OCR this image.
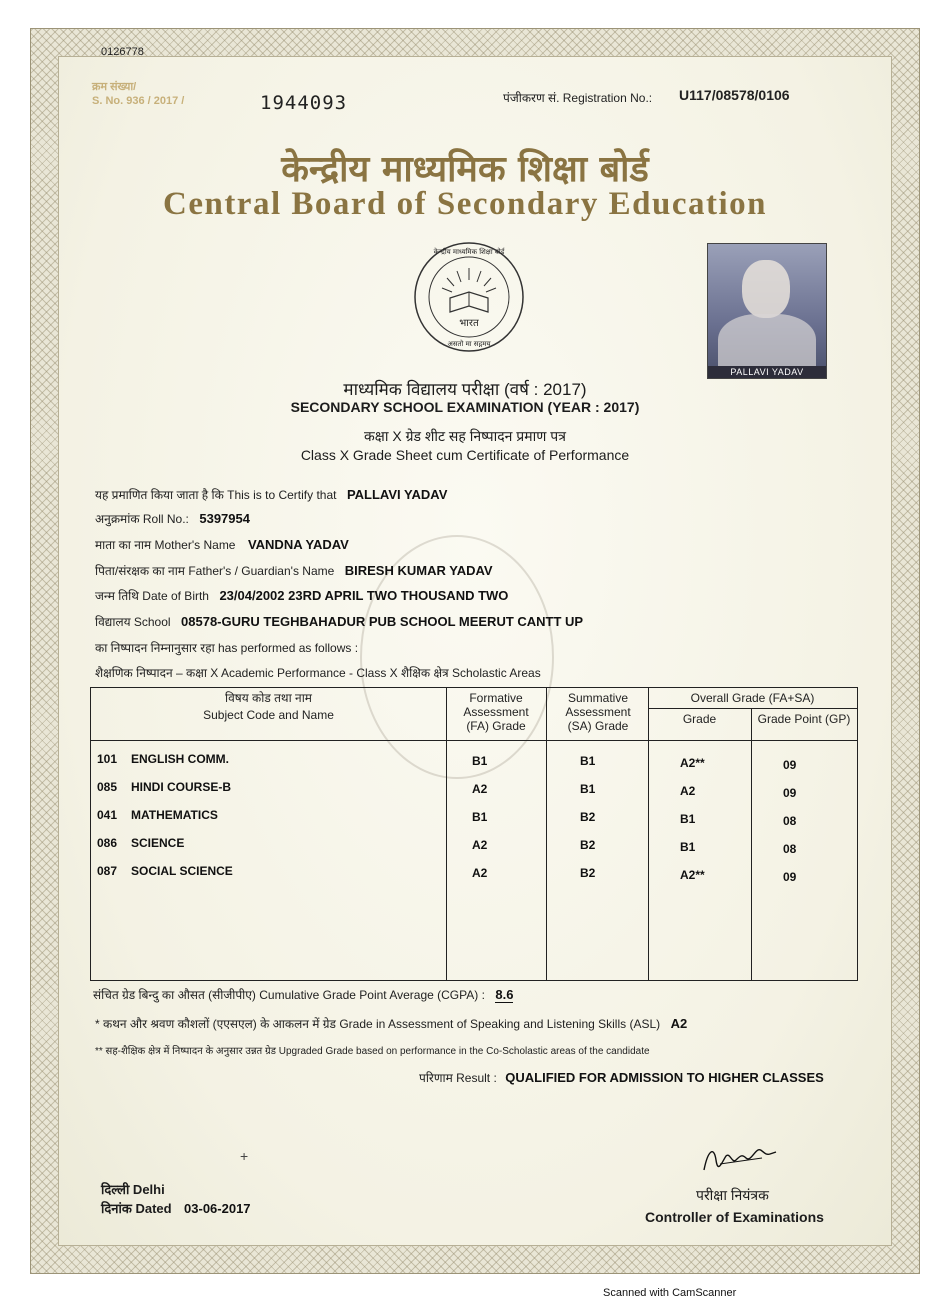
0126778
क्रम संख्या/
S. No. 936 / 2017 /	1944093	पंजीकरण सं. Registration No.: U117/08578/0106
केन्द्रीय माध्यमिक शिक्षा बोर्ड
Central Board of Secondary Education
भारत
केन्द्रीय माध्यमिक शिक्षा बोर्ड
असतो मा सद्गमय
PALLAVI YADAV
माध्यमिक विद्यालय परीक्षा (वर्ष : 2017)
SECONDARY SCHOOL EXAMINATION (YEAR : 2017)
कक्षा X ग्रेड शीट सह निष्पादन प्रमाण पत्र
Class X Grade Sheet cum Certificate of Performance
यह प्रमाणित किया जाता है कि This is to Certify that PALLAVI YADAV
अनुक्रमांक Roll No.: 5397954
माता का नाम Mother's Name VANDNA YADAV
पिता/संरक्षक का नाम Father's / Guardian's Name BIRESH KUMAR YADAV
जन्म तिथि Date of Birth 23/04/2002 23RD APRIL TWO THOUSAND TWO
विद्यालय School 08578-GURU TEGHBAHADUR PUB SCHOOL MEERUT CANTT UP
का निष्पादन निम्नानुसार रहा has performed as follows :
शैक्षणिक निष्पादन – कक्षा X Academic Performance - Class X शैक्षिक क्षेत्र Scholastic Areas
विषय कोड तथा नाम
Subject Code and Name
Formative Assessment (FA) Grade
Summative Assessment (SA) Grade
Overall Grade (FA+SA)
Grade	Grade Point (GP)
101 ENGLISH COMM.	B1	B1	A2**	09
085 HINDI COURSE-B	A2	B1	A2	09
041 MATHEMATICS	B1	B2	B1	08
086 SCIENCE	A2	B2	B1	08
087 SOCIAL SCIENCE	A2	B2	A2**	09
संचित ग्रेड बिन्दु का औसत (सीजीपीए) Cumulative Grade Point Average (CGPA) : 8.6
* कथन और श्रवण कौशलों (एएसएल) के आकलन में ग्रेड Grade in Assessment of Speaking and Listening Skills (ASL) A2
** सह-शैक्षिक क्षेत्र में निष्पादन के अनुसार उन्नत ग्रेड Upgraded Grade based on performance in the Co-Scholastic areas of the candidate
परिणाम Result : QUALIFIED FOR ADMISSION TO HIGHER CLASSES
+
दिल्ली Delhi
दिनांक Dated 03-06-2017
परीक्षा नियंत्रक
Controller of Examinations
Scanned with CamScanner
